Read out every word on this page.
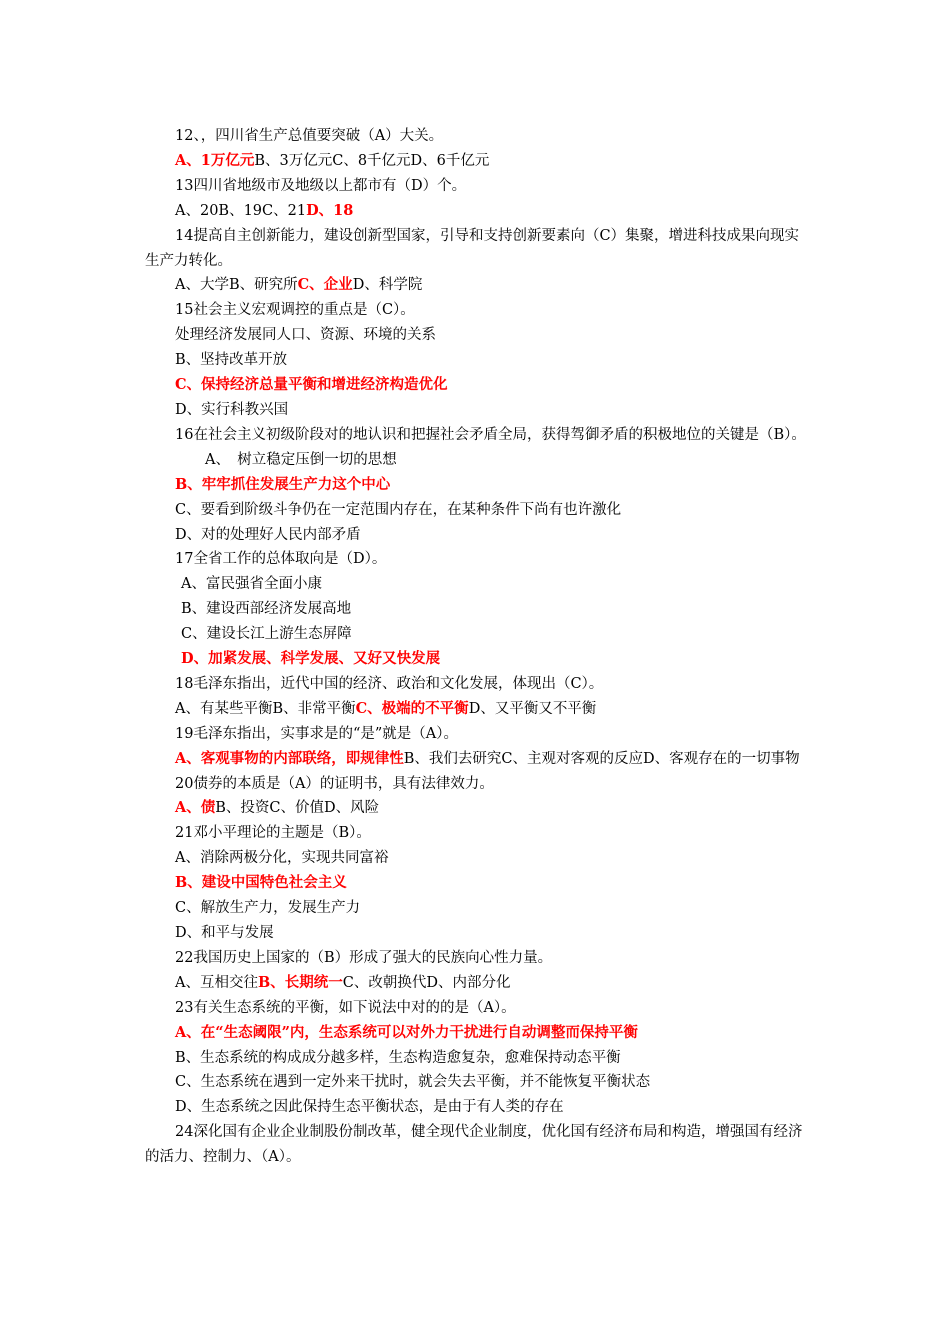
12、，四川省生产总值要突破（A）大关。

A、1万亿元B、3万亿元C、8千亿元D、6千亿元

13四川省地级市及地级以上都市有（D）个。

A、20B、19C、21D、18

14提高自主创新能力，建设创新型国家，引导和支持创新要素向（C）集聚，增进科技成果向现实生产力转化。

A、大学B、研究所C、企业D、科学院

15社会主义宏观调控的重点是（C）。

处理经济发展同人口、资源、环境的关系

B、坚持改革开放

C、保持经济总量平衡和增进经济构造优化

D、实行科教兴国

16在社会主义初级阶段对的地认识和把握社会矛盾全局，获得驾御矛盾的积极地位的关键是（B）。

A、　树立稳定压倒一切的思想

B、牢牢抓住发展生产力这个中心

C、要看到阶级斗争仍在一定范围内存在，在某种条件下尚有也许激化

D、对的处理好人民内部矛盾

17全省工作的总体取向是（D）。

A、富民强省全面小康

B、建设西部经济发展高地

C、建设长江上游生态屏障

D、加紧发展、科学发展、又好又快发展

18毛泽东指出，近代中国的经济、政治和文化发展，体现出（C）。

A、有某些平衡B、非常平衡C、极端的不平衡D、又平衡又不平衡

19毛泽东指出，实事求是的“是”就是（A）。

A、客观事物的内部联络，即规律性B、我们去研究C、主观对客观的反应D、客观存在的一切事物

20债券的本质是（A）的证明书，具有法律效力。

A、债B、投资C、价值D、风险

21邓小平理论的主题是（B）。

A、消除两极分化，实现共同富裕

B、建设中国特色社会主义

C、解放生产力，发展生产力

D、和平与发展

22我国历史上国家的（B）形成了强大的民族向心性力量。

A、互相交往B、长期统一C、改朝换代D、内部分化

23有关生态系统的平衡，如下说法中对的的是（A）。

A、在“生态阈限”内，生态系统可以对外力干扰进行自动调整而保持平衡

B、生态系统的构成成分越多样，生态构造愈复杂，愈难保持动态平衡

C、生态系统在遇到一定外来干扰时，就会失去平衡，并不能恢复平衡状态

D、生态系统之因此保持生态平衡状态，是由于有人类的存在

24深化国有企业企业制股份制改革，健全现代企业制度，优化国有经济布局和构造，增强国有经济的活力、控制力、（A）。
